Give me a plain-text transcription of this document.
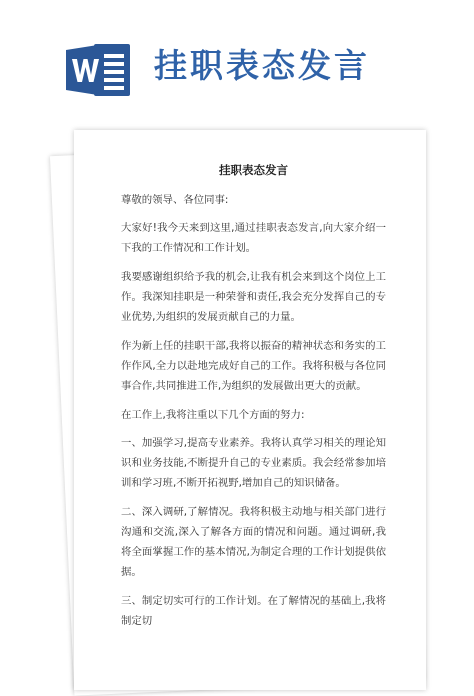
挂职表态发言
挂职表态发言

尊敬的领导、各位同事:

大家好!我今天来到这里,通过挂职表态发言,向大家介绍一下我的工作情况和工作计划。

我要感谢组织给予我的机会,让我有机会来到这个岗位上工作。我深知挂职是一种荣誉和责任,我会充分发挥自己的专业优势,为组织的发展贡献自己的力量。

作为新上任的挂职干部,我将以振奋的精神状态和务实的工作作风,全力以赴地完成好自己的工作。我将积极与各位同事合作,共同推进工作,为组织的发展做出更大的贡献。

在工作上,我将注重以下几个方面的努力:

一、加强学习,提高专业素养。我将认真学习相关的理论知识和业务技能,不断提升自己的专业素质。我会经常参加培训和学习班,不断开拓视野,增加自己的知识储备。

二、深入调研,了解情况。我将积极主动地与相关部门进行沟通和交流,深入了解各方面的情况和问题。通过调研,我将全面掌握工作的基本情况,为制定合理的工作计划提供依据。

三、制定切实可行的工作计划。在了解情况的基础上,我将制定切
